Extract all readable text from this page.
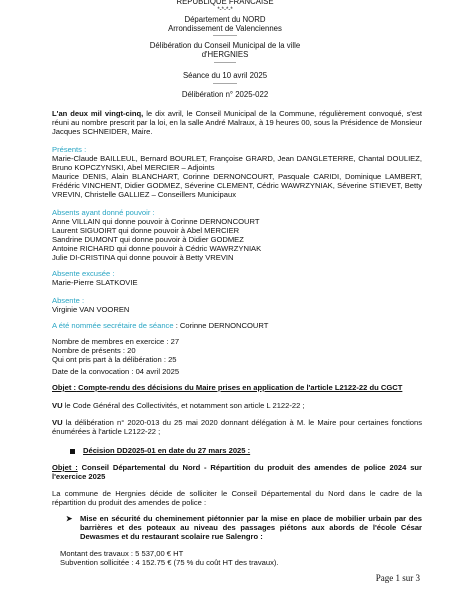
REPUBLIQUE FRANCAISE
*-*-*-*
Département du NORD
Arrondissement de Valenciennes
------------
Délibération du Conseil Municipal de la ville
d'HERGNIES
-----------
Séance du 10 avril 2025
------------
Délibération n° 2025-022
L'an deux mil vingt-cinq, le dix avril, le Conseil Municipal de la Commune, régulièrement convoqué, s'est réuni au nombre prescrit par la loi, en la salle André Malraux, à 19 heures 00, sous la Présidence de Monsieur Jacques SCHNEIDER, Maire.
Présents :
Marie-Claude BAILLEUL, Bernard BOURLET, Françoise GRARD, Jean DANGLETERRE, Chantal DOULIEZ, Bruno KOPCZYNSKI, Abel MERCIER – Adjoints
Maurice DENIS, Alain BLANCHART, Corinne DERNONCOURT, Pasquale CARIDI, Dominique LAMBERT, Frédéric VINCHENT, Didier GODMEZ, Séverine CLEMENT, Cédric WAWRZYNIAK, Séverine STIEVET, Betty VREVIN, Christelle GALLIEZ – Conseillers Municipaux
Absents ayant donné pouvoir :
Anne VILLAIN qui donne pouvoir à Corinne DERNONCOURT
Laurent SIGUOIRT qui donne pouvoir à Abel MERCIER
Sandrine DUMONT qui donne pouvoir à Didier GODMEZ
Antoine RICHARD qui donne pouvoir à Cédric WAWRZYNIAK
Julie DI-CRISTINA qui donne pouvoir à Betty VREVIN
Absente excusée :
Marie-Pierre SLATKOVIE
Absente :
Virginie VAN VOOREN
A été nommée secrétaire de séance : Corinne DERNONCOURT
Nombre de membres en exercice : 27
Nombre de présents : 20
Qui ont pris part à la délibération : 25
Date de la convocation : 04 avril 2025
Objet : Compte-rendu des décisions du Maire prises en application de l'article L2122-22 du CGCT
VU le Code Général des Collectivités, et notamment son article L 2122-22 ;
VU la délibération n° 2020-013 du 25 mai 2020 donnant délégation à M. le Maire pour certaines fonctions énumérées à l'article L2122-22 ;
Décision DD2025-01 en date du 27 mars 2025 :
Objet : Conseil Départemental du Nord - Répartition du produit des amendes de police 2024 sur l'exercice 2025
La commune de Hergnies décide de solliciter le Conseil Départemental du Nord dans le cadre de la répartition du produit des amendes de police :
➤ Mise en sécurité du cheminement piétonnier par la mise en place de mobilier urbain par des barrières et des poteaux au niveau des passages piétons aux abords de l'école César Dewasmes et du restaurant scolaire rue Salengro :
Montant des travaux : 5 537,00 € HT
Subvention sollicitée : 4 152.75 € (75 % du coût HT des travaux).
Page 1 sur 3
